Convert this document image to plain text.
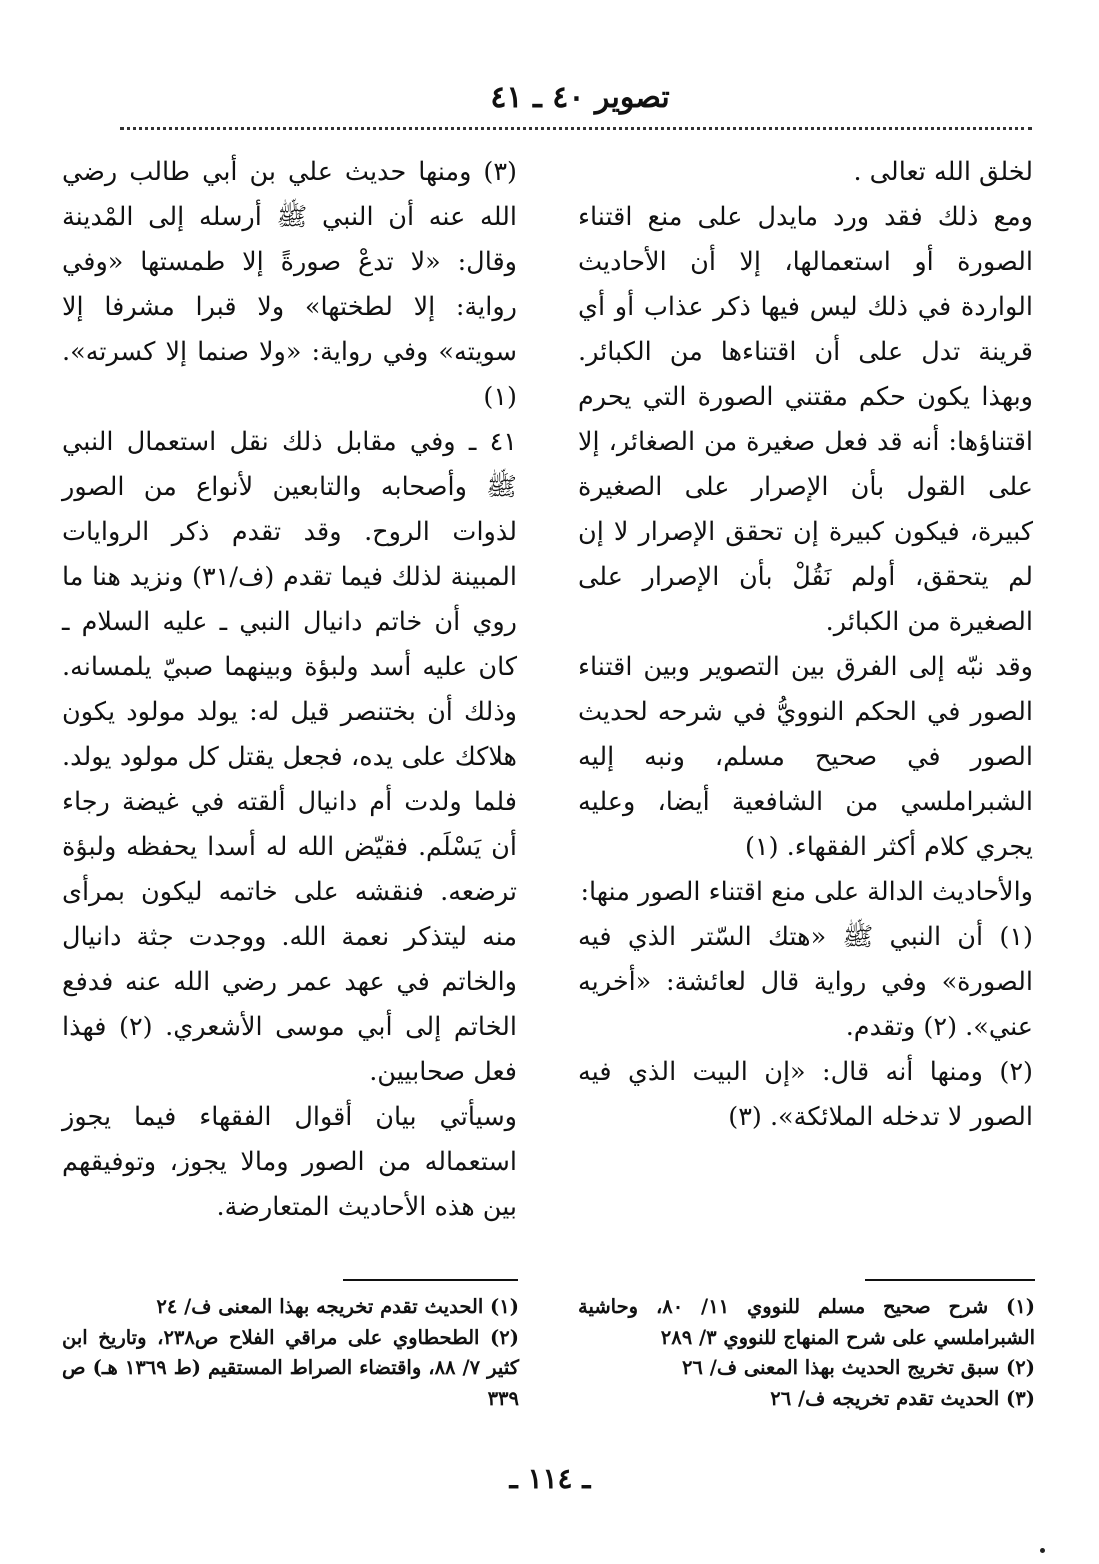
تصوير ٤٠ ـ ٤١

لخلق الله تعالى .

ومع ذلك فقد ورد مايدل على منع اقتناء الصورة أو استعمالها، إلا أن الأحاديث الواردة في ذلك ليس فيها ذكر عذاب أو أي قرينة تدل على أن اقتناءها من الكبائر. وبهذا يكون حكم مقتني الصورة التي يحرم اقتناؤها: أنه قد فعل صغيرة من الصغائر، إلا على القول بأن الإصرار على الصغيرة كبيرة، فيكون كبيرة إن تحقق الإصرار لا إن لم يتحقق، أولم نَقُلْ بأن الإصرار على الصغيرة من الكبائر.

وقد نبّه إلى الفرق بين التصوير وبين اقتناء الصور في الحكم النوويُّ في شرحه لحديث الصور في صحيح مسلم، ونبه إليه الشبراملسي من الشافعية أيضا، وعليه يجري كلام أكثر الفقهاء. (١)

والأحاديث الدالة على منع اقتناء الصور منها:

(١) أن النبي ﷺ «هتك السّتر الذي فيه الصورة» وفي رواية قال لعائشة: «أخريه عني». (٢) وتقدم.

(٢) ومنها أنه قال: «إن البيت الذي فيه الصور لا تدخله الملائكة». (٣)

(٣) ومنها حديث علي بن أبي طالب رضي الله عنه أن النبي ﷺ أرسله إلى المْدينة وقال: «لا تدعْ صورةً إلا طمستها «وفي رواية: إلا لطختها» ولا قبرا مشرفا إلا سويته» وفي رواية: «ولا صنما إلا كسرته». (١)

٤١ ـ وفي مقابل ذلك نقل استعمال النبي ﷺ وأصحابه والتابعين لأنواع من الصور لذوات الروح. وقد تقدم ذكر الروايات المبينة لذلك فيما تقدم (ف/٣١) ونزيد هنا ما روي أن خاتم دانيال النبي ـ عليه السلام ـ كان عليه أسد ولبؤة وبينهما صبيّ يلمسانه. وذلك أن بختنصر قيل له: يولد مولود يكون هلاكك على يده، فجعل يقتل كل مولود يولد. فلما ولدت أم دانيال ألقته في غيضة رجاء أن يَسْلَم. فقيّض الله له أسدا يحفظه ولبؤة ترضعه. فنقشه على خاتمه ليكون بمرأى منه ليتذكر نعمة الله. ووجدت جثة دانيال والخاتم في عهد عمر رضي الله عنه فدفع الخاتم إلى أبي موسى الأشعري. (٢) فهذا فعل صحابيين.

وسيأتي بيان أقوال الفقهاء فيما يجوز استعماله من الصور ومالا يجوز، وتوفيقهم بين هذه الأحاديث المتعارضة.

(١) شرح صحيح مسلم للنووي ١١/ ٨٠، وحاشية الشبراملسي على شرح المنهاج للنووي ٣/ ٢٨٩

(٢) سبق تخريج الحديث بهذا المعنى ف/ ٢٦

(٣) الحديث تقدم تخريجه ف/ ٢٦

(١) الحديث تقدم تخريجه بهذا المعنى ف/ ٢٤

(٢) الطحطاوي على مراقي الفلاح ص٢٣٨، وتاريخ ابن كثير ٧/ ٨٨، واقتضاء الصراط المستقيم (ط ١٣٦٩ هـ) ص ٣٣٩

ـ ١١٤ ـ
